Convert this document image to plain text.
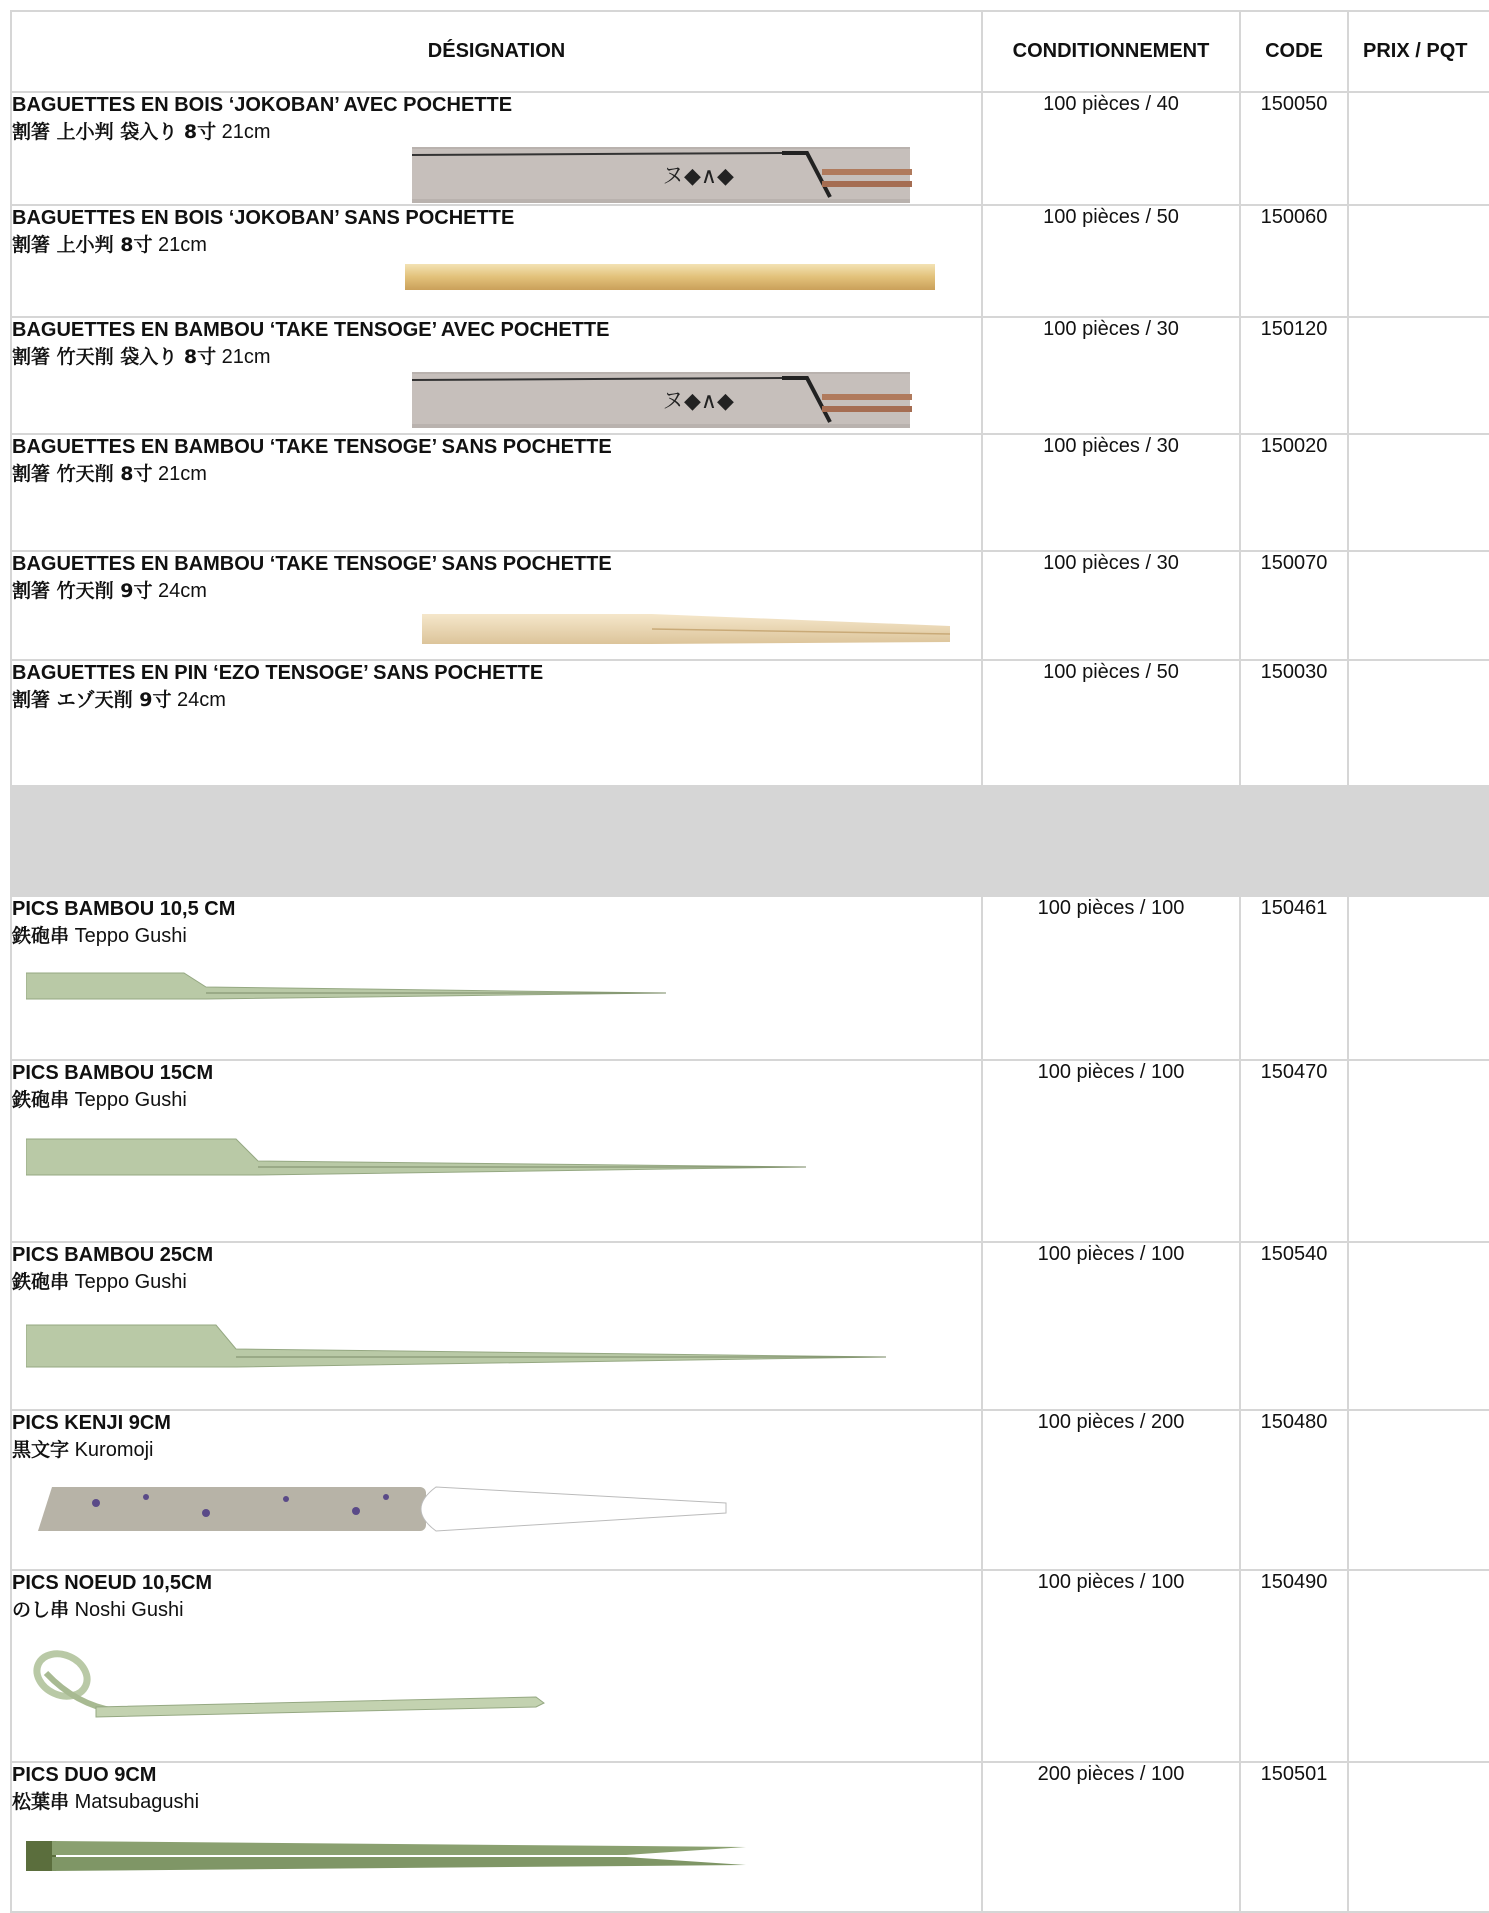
DÉSIGNATION	CONDITIONNEMENT	CODE	PRIX / PQT

BAGUETTES EN BOIS ‘JOKOBAN’ AVEC POCHETTE
割箸 上小判 袋入り 8寸 21cm
ヌ◆∧◆	100 pièces / 40	150050	

BAGUETTES EN BOIS ‘JOKOBAN’ SANS POCHETTE
割箸 上小判 8寸 21cm	100 pièces / 50	150060	

BAGUETTES EN BAMBOU ‘TAKE TENSOGE’ AVEC POCHETTE
割箸 竹天削 袋入り 8寸 21cm
ヌ◆∧◆	100 pièces / 30	150120	

BAGUETTES EN BAMBOU ‘TAKE TENSOGE’ SANS POCHETTE
割箸 竹天削 8寸 21cm	100 pièces / 30	150020	

BAGUETTES EN BAMBOU ‘TAKE TENSOGE’ SANS POCHETTE
割箸 竹天削 9寸 24cm	100 pièces / 30	150070	

BAGUETTES EN PIN ‘EZO TENSOGE’ SANS POCHETTE
割箸 エゾ天削 9寸 24cm	100 pièces / 50	150030	

PICS BAMBOU 10,5 CM
鉄砲串 Teppo Gushi	100 pièces / 100	150461	

PICS BAMBOU 15CM
鉄砲串 Teppo Gushi	100 pièces / 100	150470	

PICS BAMBOU 25CM
鉄砲串 Teppo Gushi	100 pièces / 100	150540	

PICS KENJI 9CM
黒文字 Kuromoji	100 pièces / 200	150480	

PICS NOEUD 10,5CM
のし串 Noshi Gushi	100 pièces / 100	150490	

PICS DUO 9CM
松葉串 Matsubagushi	200 pièces / 100	150501	
